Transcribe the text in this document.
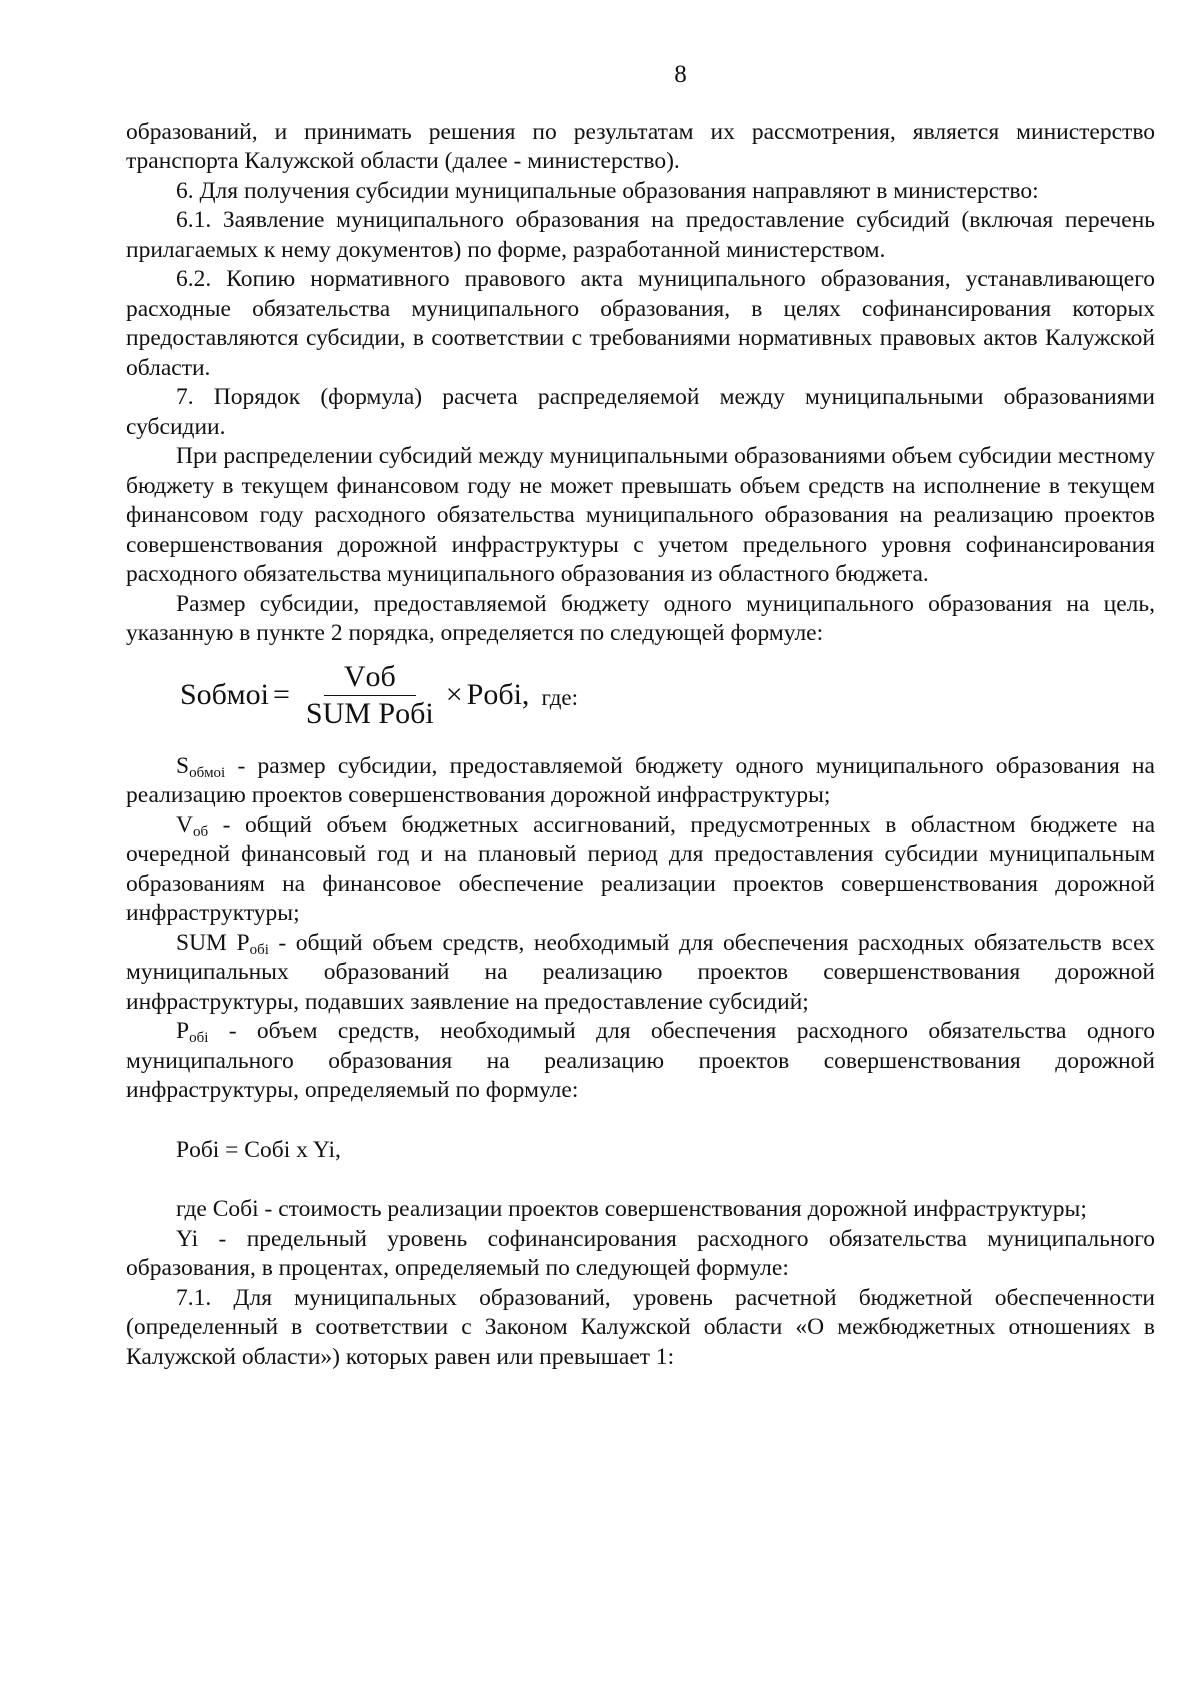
8

образований, и принимать решения по результатам их рассмотрения, является министерство транспорта Калужской области (далее - министерство).

6. Для получения субсидии муниципальные образования направляют в министерство:

6.1. Заявление муниципального образования на предоставление субсидий (включая перечень прилагаемых к нему документов) по форме, разработанной министерством.

6.2. Копию нормативного правового акта муниципального образования, устанавливающего расходные обязательства муниципального образования, в целях софинансирования которых предоставляются субсидии, в соответствии с требованиями нормативных правовых актов Калужской области.

7. Порядок (формула) расчета распределяемой между муниципальными образованиями субсидии.

При распределении субсидий между муниципальными образованиями объем субсидии местному бюджету в текущем финансовом году не может превышать объем средств на исполнение в текущем финансовом году расходного обязательства муниципального образования на реализацию проектов совершенствования дорожной инфраструктуры с учетом предельного уровня софинансирования расходного обязательства муниципального образования из областного бюджета.

Размер субсидии, предоставляемой бюджету одного муниципального образования на цель, указанную в пункте 2 порядка, определяется по следующей формуле:

Sобмоi = $\frac{\text{Vоб}}{\text{SUM Pобi}}$ × Pобi, где:

$S_{обмоi}$ - размер субсидии, предоставляемой бюджету одного муниципального образования на реализацию проектов совершенствования дорожной инфраструктуры;

$V_{об}$ - общий объем бюджетных ассигнований, предусмотренных в областном бюджете на очередной финансовый год и на плановый период для предоставления субсидии муниципальным образованиям на финансовое обеспечение реализации проектов совершенствования дорожной инфраструктуры;

SUM $P_{обi}$ - общий объем средств, необходимый для обеспечения расходных обязательств всех муниципальных образований на реализацию проектов совершенствования дорожной инфраструктуры, подавших заявление на предоставление субсидий;

$P_{обi}$ - объем средств, необходимый для обеспечения расходного обязательства одного муниципального образования на реализацию проектов совершенствования дорожной инфраструктуры, определяемый по формуле:

Pобi = Cобi x Yi,

где Cобi - стоимость реализации проектов совершенствования дорожной инфраструктуры;

Yi - предельный уровень софинансирования расходного обязательства муниципального образования, в процентах, определяемый по следующей формуле:

7.1. Для муниципальных образований, уровень расчетной бюджетной обеспеченности (определенный в соответствии с Законом Калужской области «О межбюджетных отношениях в Калужской области») которых равен или превышает 1:
